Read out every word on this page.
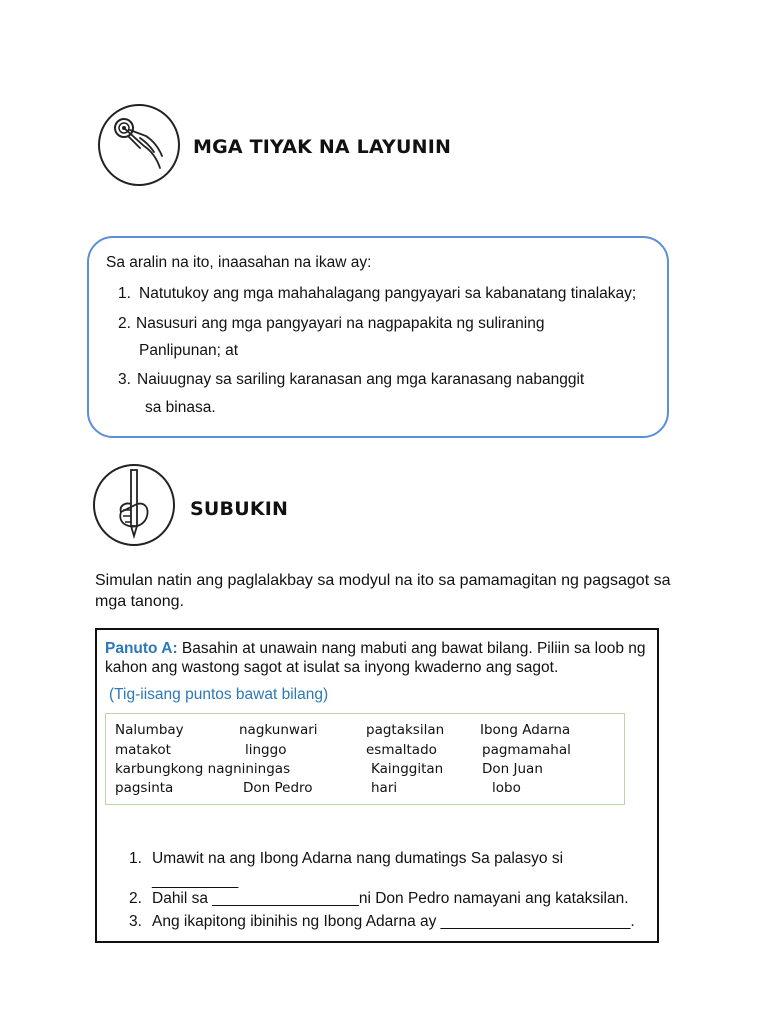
MGA TIYAK NA LAYUNIN
Sa aralin na ito, inaasahan na ikaw ay:
1. Natutukoy ang mga mahahalagang pangyayari sa kabanatang tinalakay;
2. Nasusuri ang mga pangyayari na nagpapakita ng suliraning
Panlipunan; at
3. Naiuugnay sa sariling karanasan ang mga karanasang nabanggit
sa binasa.
SUBUKIN
Simulan natin ang paglalakbay sa modyul na ito sa pamamagitan ng pagsagot sa mga tanong.
Panuto A: Basahin at unawain nang mabuti ang bawat bilang. Piliin sa loob ng kahon ang wastong sagot at isulat sa inyong kwaderno ang sagot.
(Tig-iisang puntos bawat bilang)
Nalumbay	nagkunwari	pagtaksilan	Ibong Adarna
matakot	linggo	esmaltado	pagmamahal
karbungkong nagniningas	Kainggitan	Don Juan
pagsinta	Don Pedro	hari	lobo
1. Umawit na ang Ibong Adarna nang dumatings Sa palasyo si
__________
2. Dahil sa _________________ni Don Pedro namayani ang kataksilan.
3. Ang ikapitong ibinihis ng Ibong Adarna ay ______________________.
